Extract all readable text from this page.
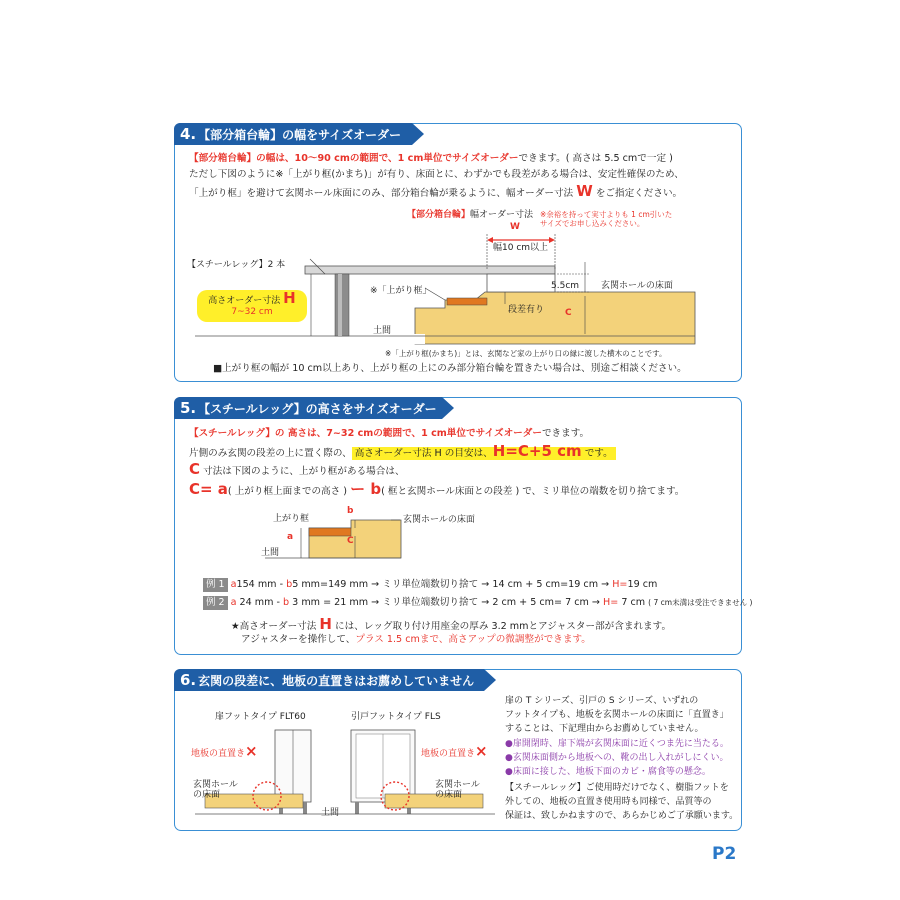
4. 【部分箱台輪】の幅をサイズオーダー
【部分箱台輪】の幅は、10～90 cmの範囲で、1 cm単位でサイズオーダーできます。( 高さは 5.5 cmで一定 )
ただし下図のように※「上がり框(かまち)」が有り、床面とに、わずかでも段差がある場合は、安定性確保のため、
「上がり框」を避けて玄関ホール床面にのみ、部分箱台輪が乗るように、幅オーダー寸法 W をご指定ください。
【部分箱台輪】幅オーダー寸法 ※余裕を持って実寸よりも 1 cm引いた
サイズでお申し込みください。
W
幅10 cm以上
【スチールレッグ】2 本
高さオーダー寸法 H
7~32 cm
※「上がり框」	5.5cm 玄関ホールの床面
段差有り C
土間
※「上がり框(かまち)」とは、玄関など家の上がり口の縁に渡した横木のことです。
■上がり框の幅が 10 cm以上あり、上がり框の上にのみ部分箱台輪を置きたい場合は、別途ご相談ください。
5. 【スチールレッグ】の高さをサイズオーダー
【スチールレッグ】の 高さは、7~32 cmの範囲で、1 cm単位でサイズオーダーできます。
片側のみ玄関の段差の上に置く際の、 高さオーダー寸法 H の目安は、H=C+5 cm です。
C 寸法は下図のように、上がり框がある場合は、
C= a( 上がり框上面までの高さ ) ー b( 框と玄関ホール床面との段差 ) で、ミリ単位の端数を切り捨てます。
上がり框
b
玄関ホールの床面
a	C
土間
例 1 a154 mm - b5 mm=149 mm → ミリ単位端数切り捨て → 14 cm + 5 cm=19 cm → H=19 cm
例 2 a 24 mm - b 3 mm = 21 mm → ミリ単位端数切り捨て → 2 cm + 5 cm= 7 cm → H= 7 cm ( 7 cm未満は受注できません )
★高さオーダー寸法 H には、レッグ取り付け用座金の厚み 3.2 mmとアジャスター部が含まれます。
アジャスターを操作して、プラス 1.5 cmまで、高さアップの微調整ができます。
6. 玄関の段差に、地板の直置きはお薦めしていません
扉フットタイプ FLT60	引戸フットタイプ FLS
地板の直置き×	地板の直置き×
玄関ホール
の床面
玄関ホール
の床面
土間
扉の T シリーズ、引戸の S シリーズ、いずれの
フットタイプも、地板を玄関ホールの床面に「直置き」
することは、下記理由からお薦めしていません。
●扉開閉時、扉下端が玄関床面に近くつま先に当たる。
●玄関床面側から地板への、靴の出し入れがしにくい。
●床面に接した、地板下面のカビ・腐食等の懸念。
【スチールレッグ】ご使用時だけでなく、樹脂フットを
外しての、地板の直置き使用時も同様で、品質等の
保証は、致しかねますので、あらかじめご了承願います。
P2
